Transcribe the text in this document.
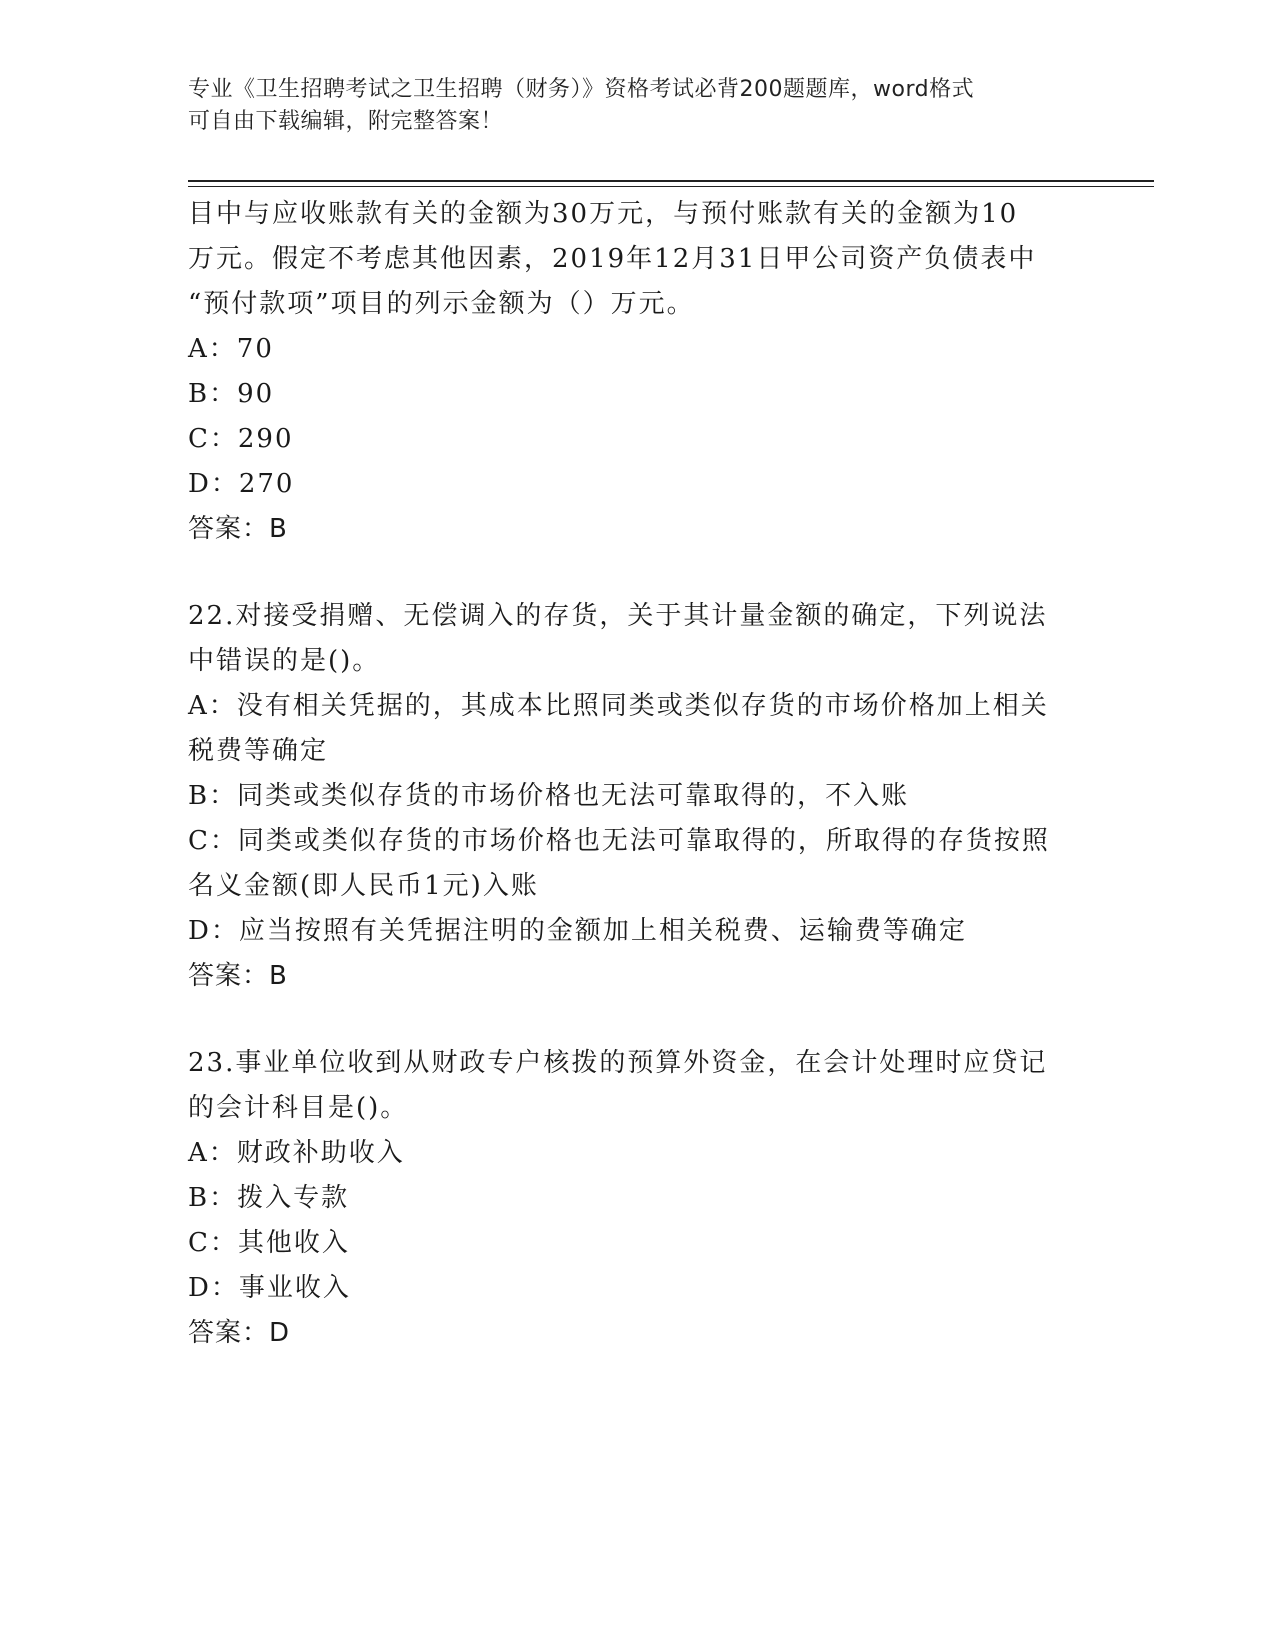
专业《卫生招聘考试之卫生招聘（财务）》资格考试必背200题题库，word格式
可自由下载编辑，附完整答案！
目中与应收账款有关的金额为30万元，与预付账款有关的金额为10
万元。假定不考虑其他因素，2019年12月31日甲公司资产负债表中
“预付款项”项目的列示金额为（）万元。
A：70
B：90
C：290
D：270
答案：B
22.对接受捐赠、无偿调入的存货，关于其计量金额的确定，下列说法
中错误的是()。
A：没有相关凭据的，其成本比照同类或类似存货的市场价格加上相关
税费等确定
B：同类或类似存货的市场价格也无法可靠取得的，不入账
C：同类或类似存货的市场价格也无法可靠取得的，所取得的存货按照
名义金额(即人民币1元)入账
D：应当按照有关凭据注明的金额加上相关税费、运输费等确定
答案：B
23.事业单位收到从财政专户核拨的预算外资金，在会计处理时应贷记
的会计科目是()。
A：财政补助收入
B：拨入专款
C：其他收入
D：事业收入
答案：D
